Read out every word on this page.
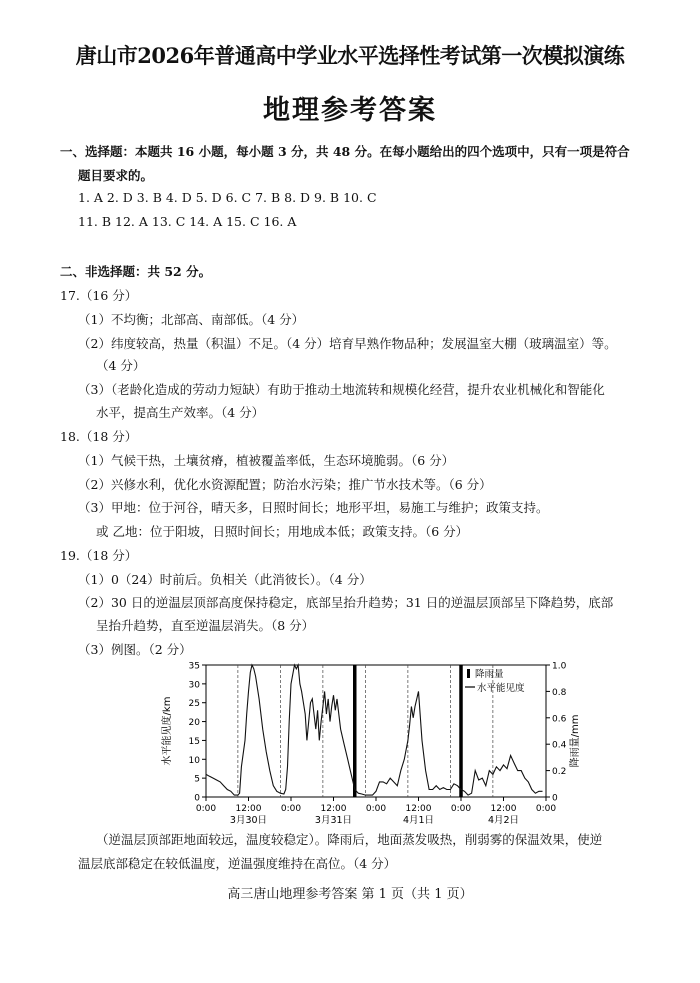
唐山市2026年普通高中学业水平选择性考试第一次模拟演练
地理参考答案
一、选择题：本题共 16 小题，每小题 3 分，共 48 分。在每小题给出的四个选项中，只有一项是符合
题目要求的。
1. A 2. D 3. B 4. D 5. D 6. C 7. B 8. D 9. B 10. C
11. B 12. A 13. C 14. A 15. C 16. A
二、非选择题：共 52 分。
17.（16 分）
（1）不均衡；北部高、南部低。（4 分）
（2）纬度较高，热量（积温）不足。（4 分）培育早熟作物品种；发展温室大棚（玻璃温室）等。
（4 分）
（3）（老龄化造成的劳动力短缺）有助于推动土地流转和规模化经营，提升农业机械化和智能化
水平，提高生产效率。（4 分）
18.（18 分）
（1）气候干热，土壤贫瘠，植被覆盖率低，生态环境脆弱。（6 分）
（2）兴修水利，优化水资源配置；防治水污染；推广节水技术等。（6 分）
（3）甲地：位于河谷，晴天多，日照时间长；地形平坦，易施工与维护；政策支持。
或 乙地：位于阳坡，日照时间长；用地成本低；政策支持。（6 分）
19.（18 分）
（1）0（24）时前后。负相关（此消彼长）。（4 分）
（2）30 日的逆温层顶部高度保持稳定，底部呈抬升趋势；31 日的逆温层顶部呈下降趋势，底部
呈抬升趋势，直至逆温层消失。（8 分）
（3）例图。（2 分）
0
5
10
15
20
25
30
35
0
0.2
0.4
0.6
0.8
1.0
0:00 12:00 0:00 12:00 0:00 12:00 0:00 12:00 0:00
3月30日	3月31日	4月1日	4月2日
水平能见度/km	降雨量/mm
降雨量
水平能见度
（逆温层顶部距地面较远，温度较稳定）。降雨后，地面蒸发吸热，削弱雾的保温效果，使逆
温层底部稳定在较低温度，逆温强度维持在高位。（4 分）
高三唐山地理参考答案 第 1 页（共 1 页）
